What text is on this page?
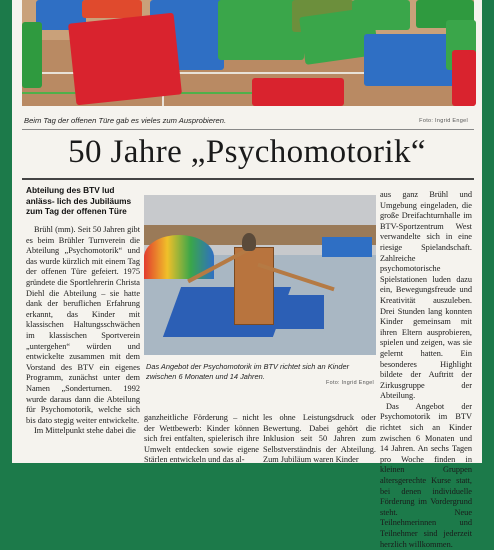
Beim Tag der offenen Türe gab es vieles zum Ausprobieren.	Foto: Ingrid Engel
50 Jahre „Psychomotorik“
Abteilung des BTV lud anläss- lich des Jubiläums zum Tag der offenen Türe

Brühl (mm). Seit 50 Jahren gibt es beim Brühler Turnverein die Abteilung „Psychomotorik“ und das wurde kürzlich mit einem Tag der offenen Türe gefeiert. 1975 gründete die Sportlehrerin Christa Diehl die Abteilung – sie hatte dank der beruflichen Erfahrung erkannt, das Kinder mit klassischen Haltungsschwächen im klassischen Sportverein „untergehen“ würden und entwickelte zusammen mit dem Vorstand des BTV ein eigenes Programm, zunächst unter dem Namen „Sonderturnen. 1992 wurde daraus dann die Abteilung für Psychomotorik, welche sich bis dato stegig weiter entwickelte.

Im Mittelpunkt stehe dabei die

Das Angebot der Psychomotorik im BTV richtet sich an Kinder zwischen 6 Monaten und 14 Jahren.
Foto: Ingrid Engel
ganzheitliche Förderung – nicht der Wettbewerb: Kinder können sich frei entfalten, spielerisch ihre Umwelt entdecken sowie eigene Stärlen entwickeln und das al-
les ohne Leistungsdruck oder Bewertung. Dabei gehört die Inklusion seit 50 Jahren zum Selbstverständnis der Abteilung. Zum Jubiläum waren Kinder

aus ganz Brühl und Umgebung eingeladen, die große Dreifachturnhalle im BTV-Sportzentrum West verwandelte sich in eine riesige Spielandschaft. Zahlreiche psychomotorische Spielstationen luden dazu ein, Bewegungsfreude und Kreativität auszuleben. Drei Stunden lang konnten Kinder gemeinsam mit ihren Eltern ausprobieren, spielen und zeigen, was sie gelernt hatten. Ein besonderes Highlight bildete der Auftritt der Zirkusgruppe der Abteilung.

Das Angebot der Psychomotorik im BTV richtet sich an Kinder zwischen 6 Monaten und 14 Jahren. An sechs Tagen pro Woche finden in kleinen Gruppen altersgerechte Kurse statt, bei denen individuelle Förderung im Vordergrund steht. Neue Teilnehmerinnen und Teilnehmer sind jederzeit herzlich willkommen.
